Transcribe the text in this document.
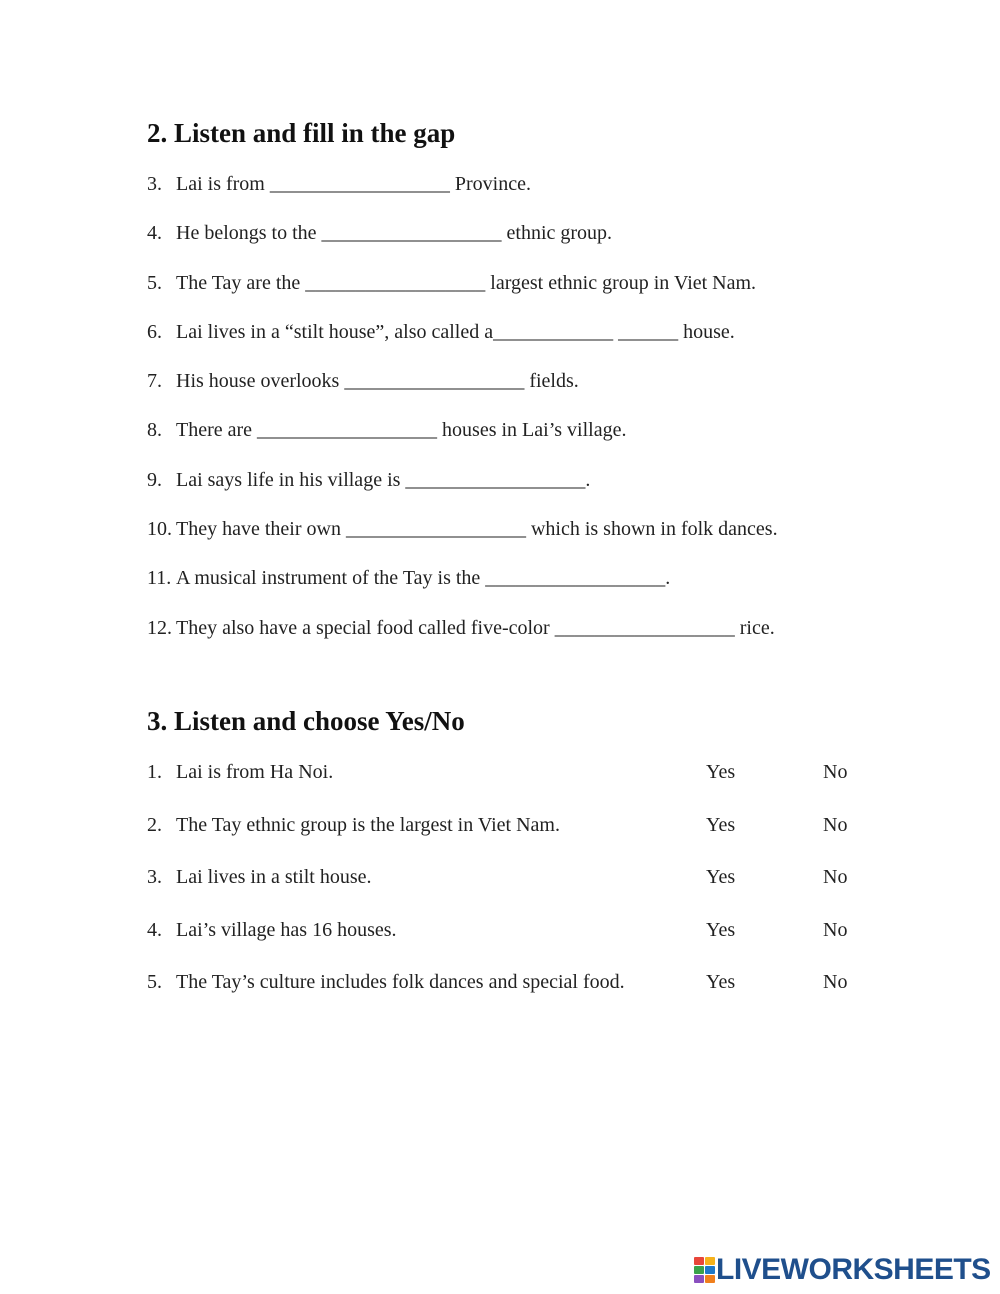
2. Listen and fill in the gap
3. Lai is from __________________ Province.
4. He belongs to the __________________ ethnic group.
5. The Tay are the __________________ largest ethnic group in Viet Nam.
6. Lai lives in a “stilt house”, also called a____________ ______ house.
7. His house overlooks __________________ fields.
8. There are __________________ houses in Lai’s village.
9. Lai says life in his village is __________________.
10. They have their own __________________ which is shown in folk dances.
11. A musical instrument of the Tay is the __________________.
12. They also have a special food called five-color __________________ rice.
3. Listen and choose Yes/No
1. Lai is from Ha Noi.	Yes	No
2. The Tay ethnic group is the largest in Viet Nam.	Yes	No
3. Lai lives in a stilt house.	Yes	No
4. Lai’s village has 16 houses.	Yes	No
5. The Tay’s culture includes folk dances and special food.	Yes	No
LIVEWORKSHEETS
